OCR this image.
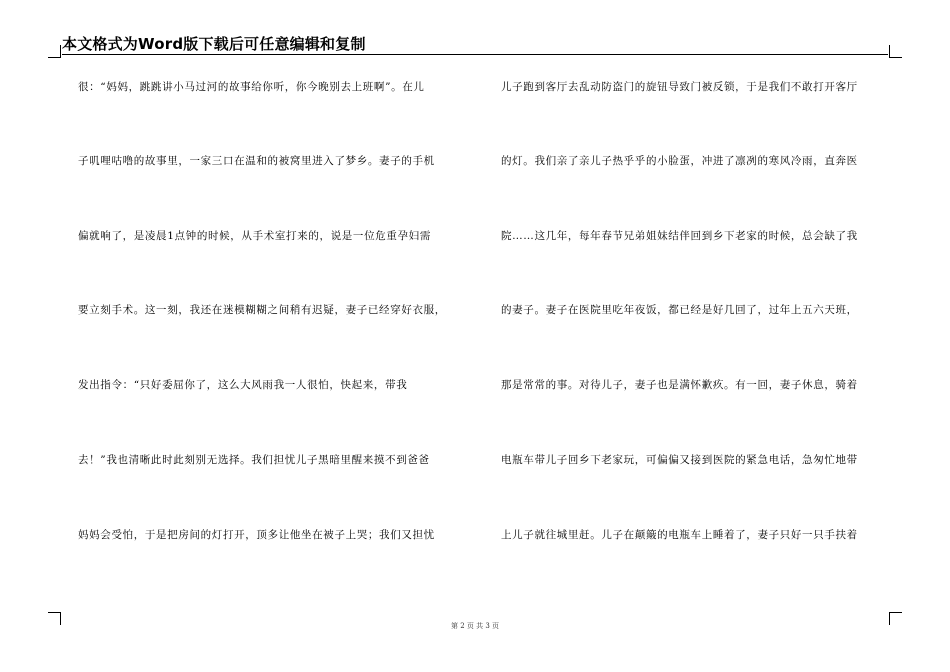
本文格式为Word版下载后可任意编辑和复制
很：“妈妈，跳跳讲小马过河的故事给你听，你今晚别去上班啊”。在儿
子叽哩咕噜的故事里，一家三口在温和的被窝里进入了梦乡。妻子的手机
偏就响了，是凌晨1点钟的时候，从手术室打来的，说是一位危重孕妇需
要立刻手术。这一刻，我还在迷模糊糊之间稍有迟疑，妻子已经穿好衣服，
发出指令：“只好委屈你了，这么大风雨我一人很怕，快起来，带我
去！”我也清晰此时此刻别无选择。我们担忧儿子黑暗里醒来摸不到爸爸
妈妈会受怕，于是把房间的灯打开，顶多让他坐在被子上哭；我们又担忧
儿子跑到客厅去乱动防盗门的旋钮导致门被反锁，于是我们不敢打开客厅
的灯。我们亲了亲儿子热乎乎的小脸蛋，冲进了凛冽的寒风冷雨，直奔医
院……这几年，每年春节兄弟姐妹结伴回到乡下老家的时候，总会缺了我
的妻子。妻子在医院里吃年夜饭，都已经是好几回了，过年上五六天班，
那是常常的事。对待儿子，妻子也是满怀歉疚。有一回，妻子休息，骑着
电瓶车带儿子回乡下老家玩，可偏偏又接到医院的紧急电话，急匆忙地带
上儿子就往城里赶。儿子在颠簸的电瓶车上睡着了，妻子只好一只手扶着
第 2 页 共 3 页
